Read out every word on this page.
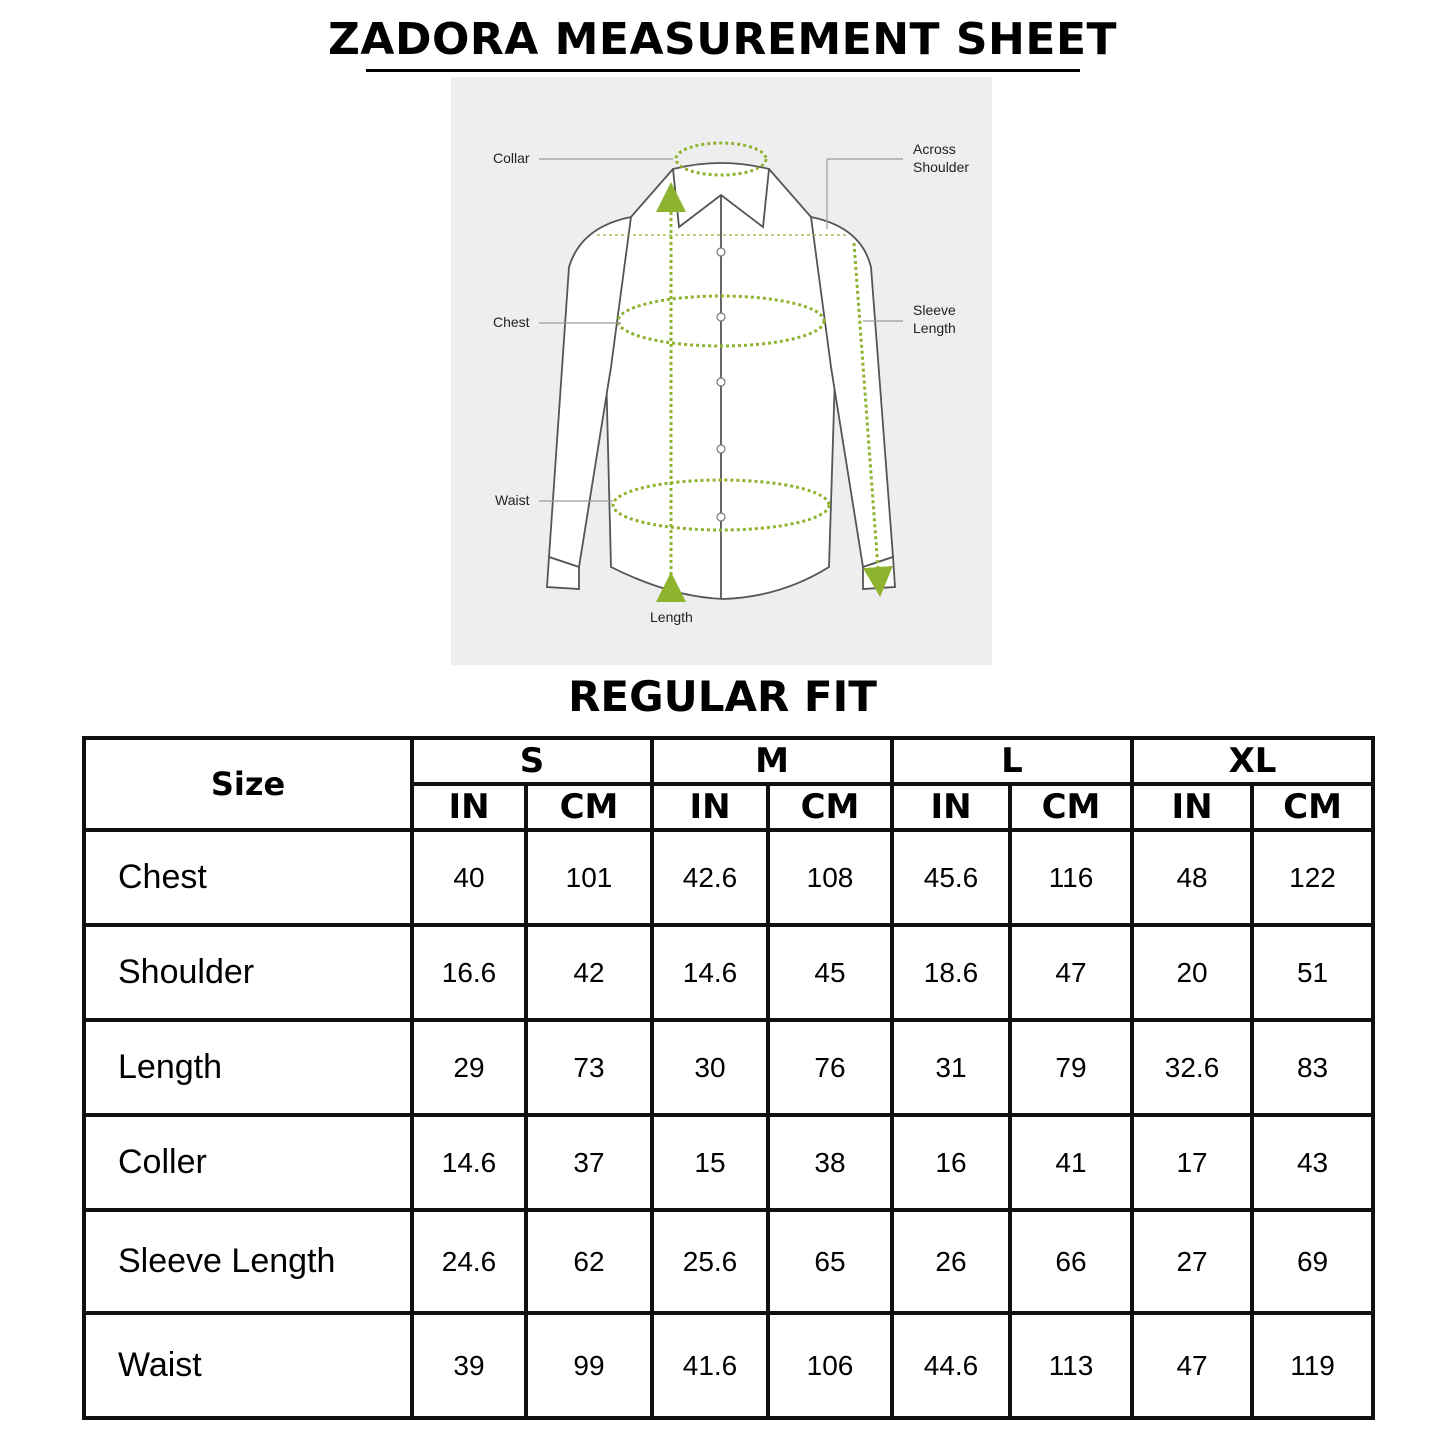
ZADORA MEASUREMENT SHEET
Collar
Across
Shoulder
Chest
Sleeve
Length
Waist
Length
REGULAR FIT
Size	S		M		L		XL	
	IN	CM	IN	CM	IN	CM	IN	CM
Chest	40	101	42.6	108	45.6	116	48	122
Shoulder	16.6	42	14.6	45	18.6	47	20	51
Length	29	73	30	76	31	79	32.6	83
Coller	14.6	37	15	38	16	41	17	43
Sleeve Length	24.6	62	25.6	65	26	66	27	69
Waist	39	99	41.6	106	44.6	113	47	119
